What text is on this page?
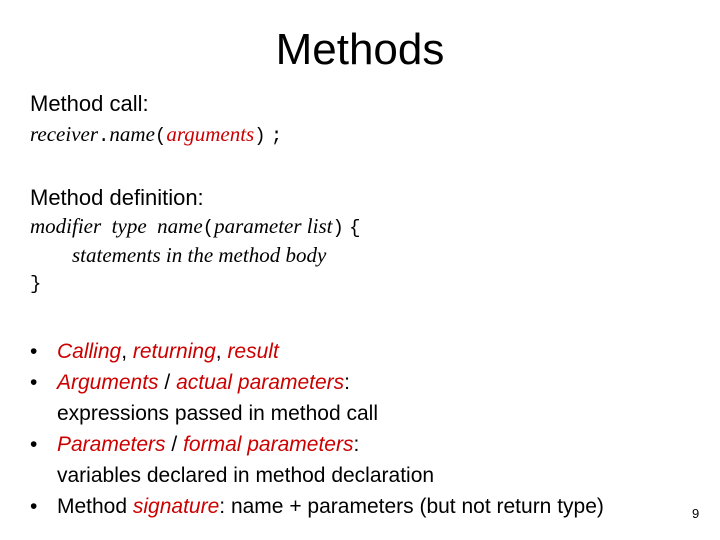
Methods
Method call:
receiver.name(arguments) ;
Method definition:
modifier type name(parameter list) {
statements in the method body
}
• Calling, returning, result
• Arguments / actual parameters:
expressions passed in method call
• Parameters / formal parameters:
variables declared in method declaration
• Method signature: name + parameters (but not return type)	9
